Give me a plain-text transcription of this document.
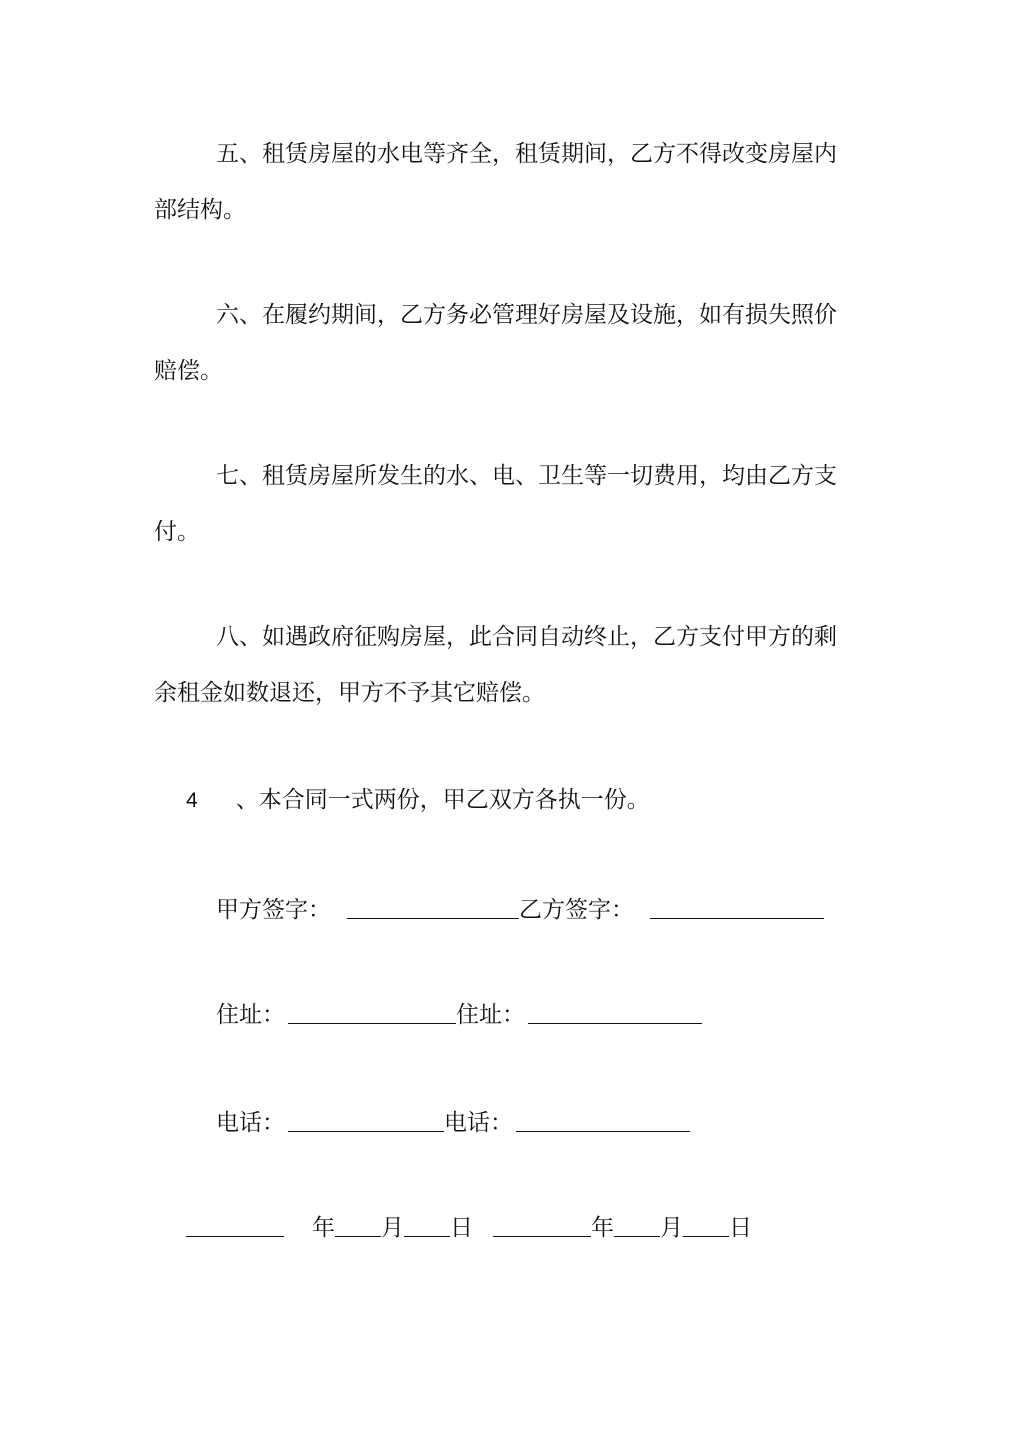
五、租赁房屋的水电等齐全，租赁期间，乙方不得改变房屋内
部结构。
六、在履约期间，乙方务必管理好房屋及设施，如有损失照价
赔偿。
七、租赁房屋所发生的水、电、卫生等一切费用，均由乙方支
付。
八、如遇政府征购房屋，此合同自动终止，乙方支付甲方的剩
余租金如数退还，甲方不予其它赔偿。
4 、本合同一式两份，甲乙双方各执一份。
甲方签字：	乙方签字：
住址：	住址：
电话：	电话：
年 月 日	年 月 日
